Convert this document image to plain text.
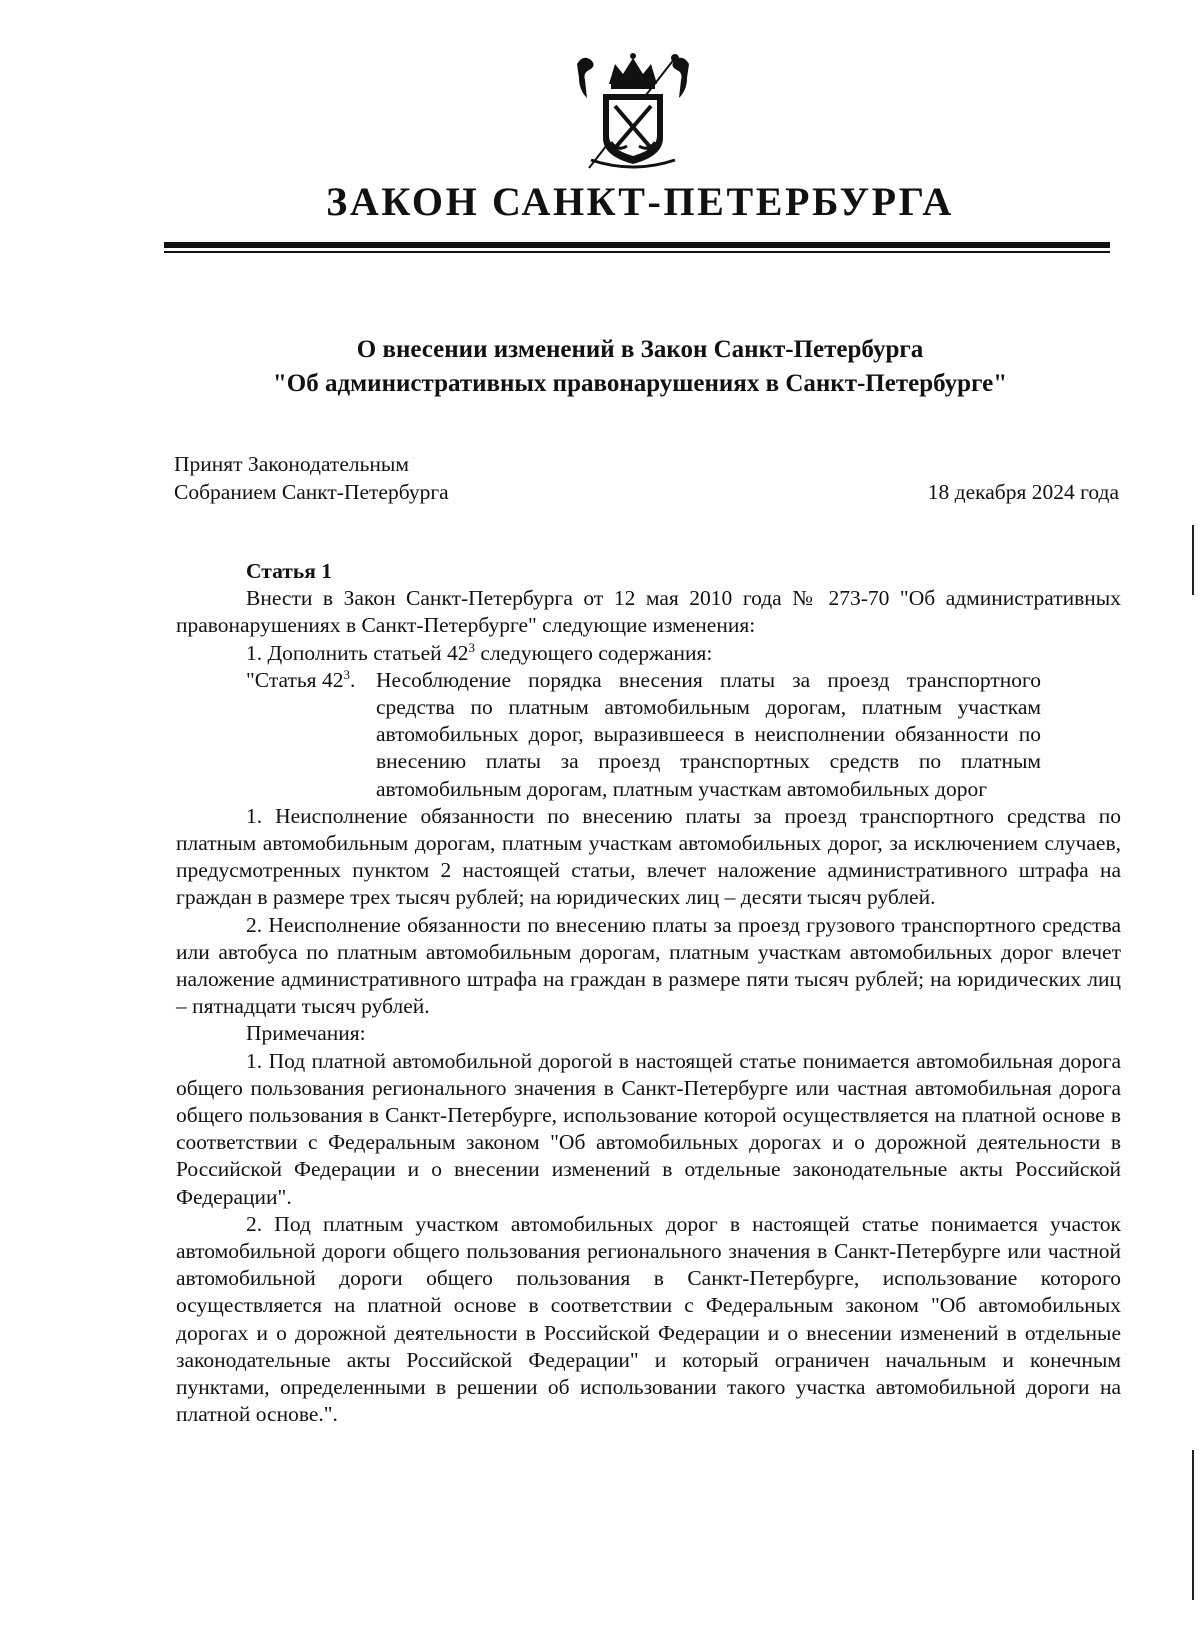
ЗАКОН САНКТ-ПЕТЕРБУРГА
О внесении изменений в Закон Санкт-Петербурга
"Об административных правонарушениях в Санкт-Петербурге"
Принят Законодательным
Собранием Санкт-Петербурга	18 декабря 2024 года

Статья 1

Внести в Закон Санкт-Петербурга от 12 мая 2010 года № 273-70 "Об административных правонарушениях в Санкт-Петербурге" следующие изменения:

1. Дополнить статьей $42^3$ следующего содержания:

"Статья $42^3$. Несоблюдение порядка внесения платы за проезд транспортного средства по платным автомобильным дорогам, платным участкам автомобильных дорог, выразившееся в неисполнении обязанности по внесению платы за проезд транспортных средств по платным автомобильным дорогам, платным участкам автомобильных дорог

1. Неисполнение обязанности по внесению платы за проезд транспортного средства по платным автомобильным дорогам, платным участкам автомобильных дорог, за исключением случаев, предусмотренных пунктом 2 настоящей статьи, влечет наложение административного штрафа на граждан в размере трех тысяч рублей; на юридических лиц – десяти тысяч рублей.

2. Неисполнение обязанности по внесению платы за проезд грузового транспортного средства или автобуса по платным автомобильным дорогам, платным участкам автомобильных дорог влечет наложение административного штрафа на граждан в размере пяти тысяч рублей; на юридических лиц – пятнадцати тысяч рублей.

Примечания:

1. Под платной автомобильной дорогой в настоящей статье понимается автомобильная дорога общего пользования регионального значения в Санкт-Петербурге или частная автомобильная дорога общего пользования в Санкт-Петербурге, использование которой осуществляется на платной основе в соответствии с Федеральным законом "Об автомобильных дорогах и о дорожной деятельности в Российской Федерации и о внесении изменений в отдельные законодательные акты Российской Федерации".

2. Под платным участком автомобильных дорог в настоящей статье понимается участок автомобильной дороги общего пользования регионального значения в Санкт-Петербурге или частной автомобильной дороги общего пользования в Санкт-Петербурге, использование которого осуществляется на платной основе в соответствии с Федеральным законом "Об автомобильных дорогах и о дорожной деятельности в Российской Федерации и о внесении изменений в отдельные законодательные акты Российской Федерации" и который ограничен начальным и конечным пунктами, определенными в решении об использовании такого участка автомобильной дороги на платной основе.".
